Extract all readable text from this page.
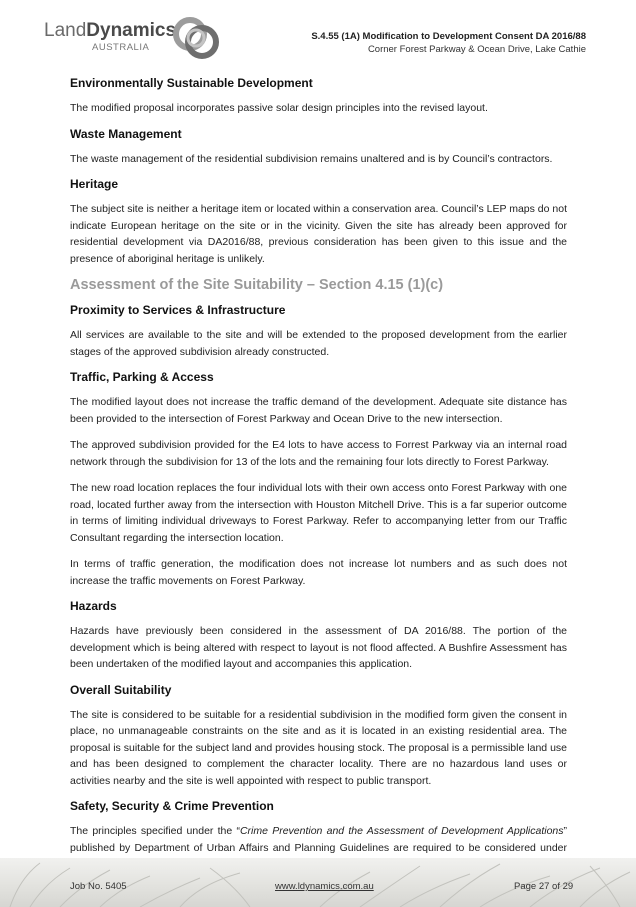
LandDynamics
AUSTRALIA
S.4.55 (1A) Modification to Development Consent DA 2016/88
Corner Forest Parkway & Ocean Drive, Lake Cathie
Environmentally Sustainable Development

The modified proposal incorporates passive solar design principles into the revised layout.

Waste Management

The waste management of the residential subdivision remains unaltered and is by Council’s contractors.

Heritage

The subject site is neither a heritage item or located within a conservation area. Council’s LEP maps do not indicate European heritage on the site or in the vicinity. Given the site has already been approved for residential development via DA2016/88, previous consideration has been given to this issue and the presence of aboriginal heritage is unlikely.

Assessment of the Site Suitability – Section 4.15 (1)(c)
Proximity to Services & Infrastructure

All services are available to the site and will be extended to the proposed development from the earlier stages of the approved subdivision already constructed.

Traffic, Parking & Access

The modified layout does not increase the traffic demand of the development. Adequate site distance has been provided to the intersection of Forest Parkway and Ocean Drive to the new intersection.

The approved subdivision provided for the E4 lots to have access to Forrest Parkway via an internal road network through the subdivision for 13 of the lots and the remaining four lots directly to Forest Parkway.

The new road location replaces the four individual lots with their own access onto Forest Parkway with one road, located further away from the intersection with Houston Mitchell Drive. This is a far superior outcome in terms of limiting individual driveways to Forest Parkway. Refer to accompanying letter from our Traffic Consultant regarding the intersection location.

In terms of traffic generation, the modification does not increase lot numbers and as such does not increase the traffic movements on Forest Parkway.

Hazards

Hazards have previously been considered in the assessment of DA 2016/88. The portion of the development which is being altered with respect to layout is not flood affected. A Bushfire Assessment has been undertaken of the modified layout and accompanies this application.

Overall Suitability

The site is considered to be suitable for a residential subdivision in the modified form given the consent in place, no unmanageable constraints on the site and as it is located in an existing residential area. The proposal is suitable for the subject land and provides housing stock. The proposal is a permissible land use and has been designed to complement the character locality. There are no hazardous land uses or activities nearby and the site is well appointed with respect to public transport.

Safety, Security & Crime Prevention

The principles specified under the “Crime Prevention and the Assessment of Development Applications” published by Department of Urban Affairs and Planning Guidelines are required to be considered under

Job No. 5405	www.ldynamics.com.au	Page 27 of 29
